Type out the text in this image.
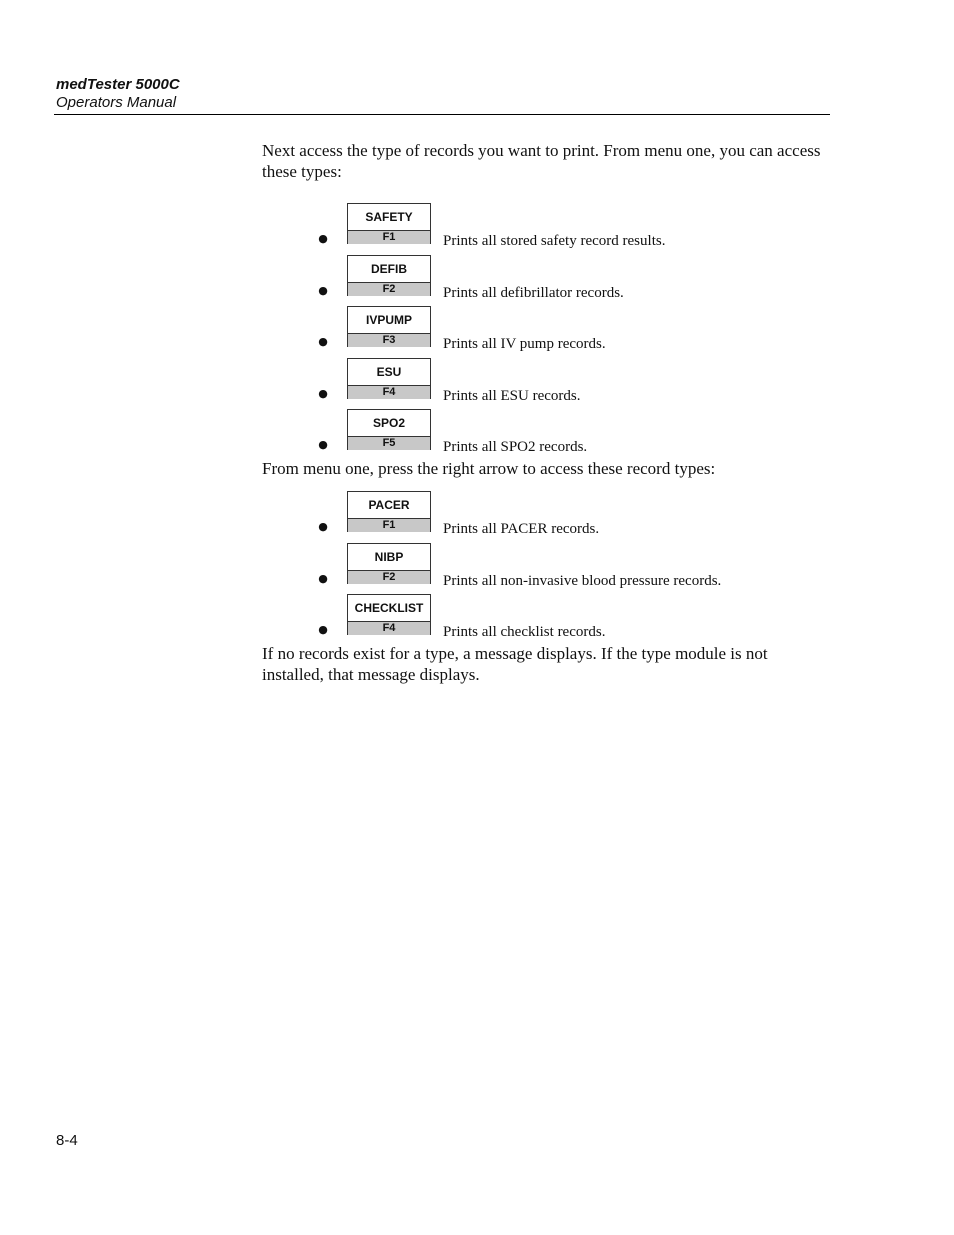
medTester 5000C
Operators Manual

Next access the type of records you want to print. From menu one, you can access these types:

●
SAFETY
F1	Prints all stored safety record results.
●
DEFIB
F2	Prints all defibrillator records.
●
IVPUMP
F3	Prints all IV pump records.
●
ESU
F4	Prints all ESU records.
●
SPO2
F5	Prints all SPO2 records.

From menu one, press the right arrow to access these record types:

●
PACER
F1	Prints all PACER records.
●
NIBP
F2	Prints all non-invasive blood pressure records.
●
CHECKLIST
F4	Prints all checklist records.

If no records exist for a type, a message displays. If the type module is not installed, that message displays.

8-4
